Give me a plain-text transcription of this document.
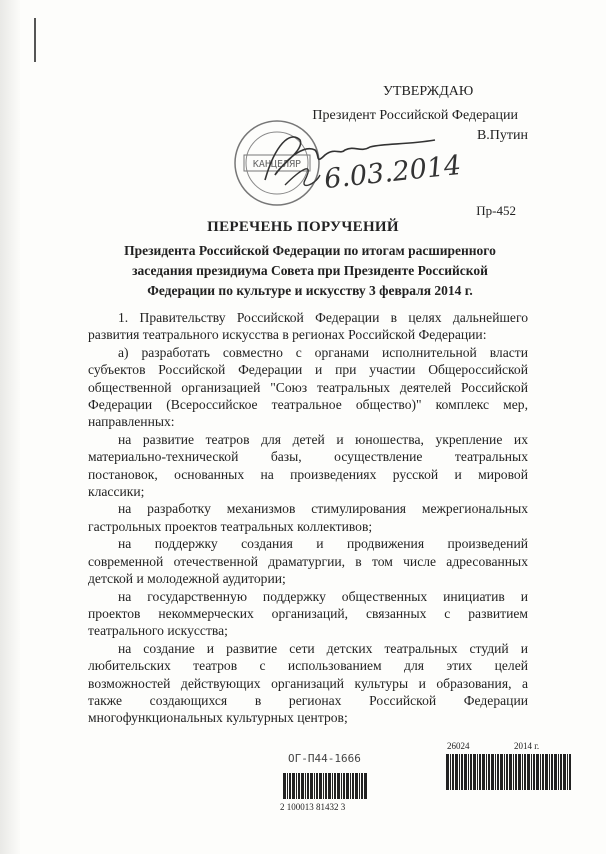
УТВЕРЖДАЮ
Президент Российской Федерации
В.Путин
КАНЦЕЛЯР 6.03.2014
Пр-452
ПЕРЕЧЕНЬ ПОРУЧЕНИЙ
Президента Российской Федерации по итогам расширенного
заседания президиума Совета при Президенте Российской
Федерации по культуре и искусству 3 февраля 2014 г.
1. Правительству Российской Федерации в целях дальнейшего
развития театрального искусства в регионах Российской Федерации:
а) разработать совместно с органами исполнительной власти
субъектов Российской Федерации и при участии Общероссийской
общественной организацией "Союз театральных деятелей Российской
Федерации (Всероссийское театральное общество)" комплекс мер,
направленных:
на развитие театров для детей и юношества, укрепление их
материально-технической базы, осуществление театральных
постановок, основанных на произведениях русской и мировой
классики;
на разработку механизмов стимулирования межрегиональных
гастрольных проектов театральных коллективов;
на поддержку создания и продвижения произведений
современной отечественной драматургии, в том числе адресованных
детской и молодежной аудитории;
на государственную поддержку общественных инициатив и
проектов некоммерческих организаций, связанных с развитием
театрального искусства;
на создание и развитие сети детских театральных студий и
любительских театров с использованием для этих целей
возможностей действующих организаций культуры и образования, а
также создающихся в регионах Российской Федерации
многофункциональных культурных центров;
ОГ-П44-1666
2 100013 81432 3
26024	2014 г.
